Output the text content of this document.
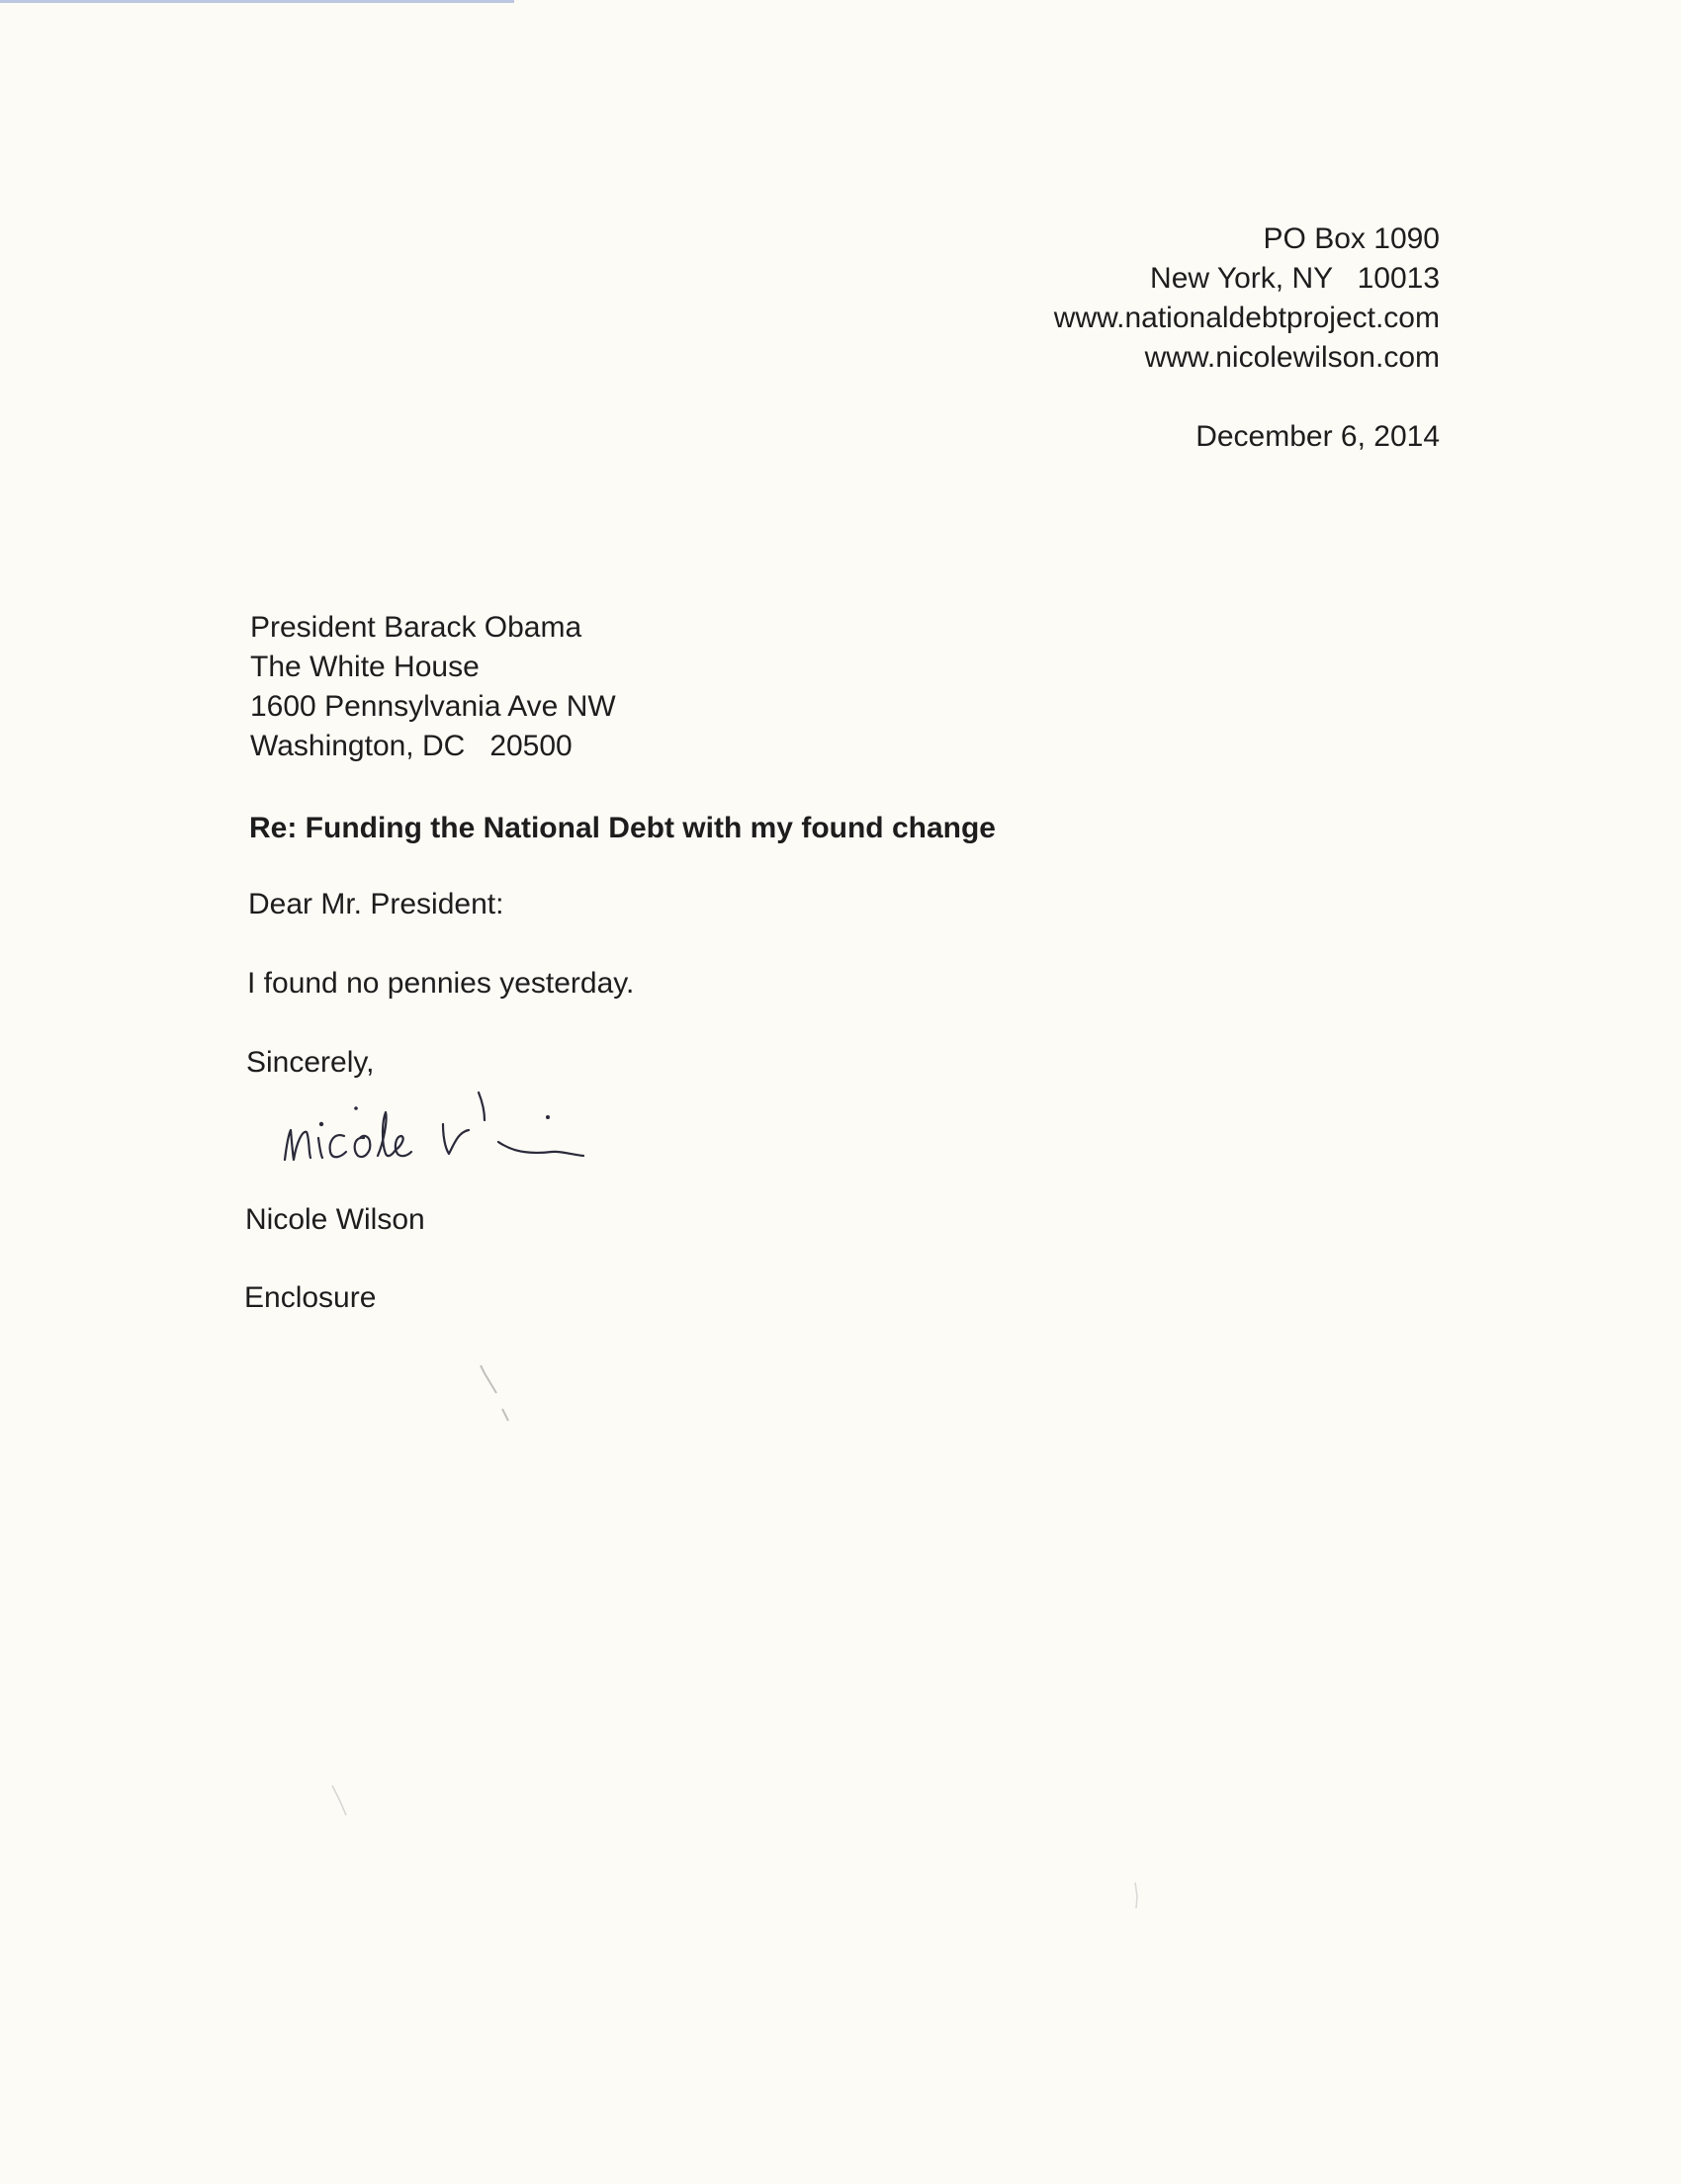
PO Box 1090
New York, NY   10013
www.nationaldebtproject.com
www.nicolewilson.com
December 6, 2014
President Barack Obama
The White House
1600 Pennsylvania Ave NW
Washington, DC   20500
Re: Funding the National Debt with my found change
Dear Mr. President:
I found no pennies yesterday.
Sincerely,
Nicole Wilson
Enclosure
